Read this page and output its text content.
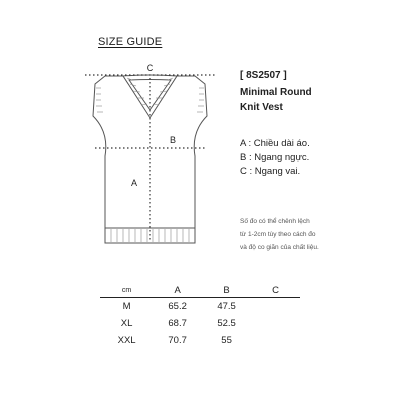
SIZE GUIDE
C
B
A
[ 8S2507 ]
Minimal Round
Knit Vest
A : Chiều dài áo.
B : Ngang ngực.
C : Ngang vai.
Số đo có thể chênh lệch
từ 1-2cm tùy theo cách đo
và độ co giãn của chất liệu.
cm	A	B	C
M	65.2	47.5	
XL	68.7	52.5	
XXL	70.7	55	
